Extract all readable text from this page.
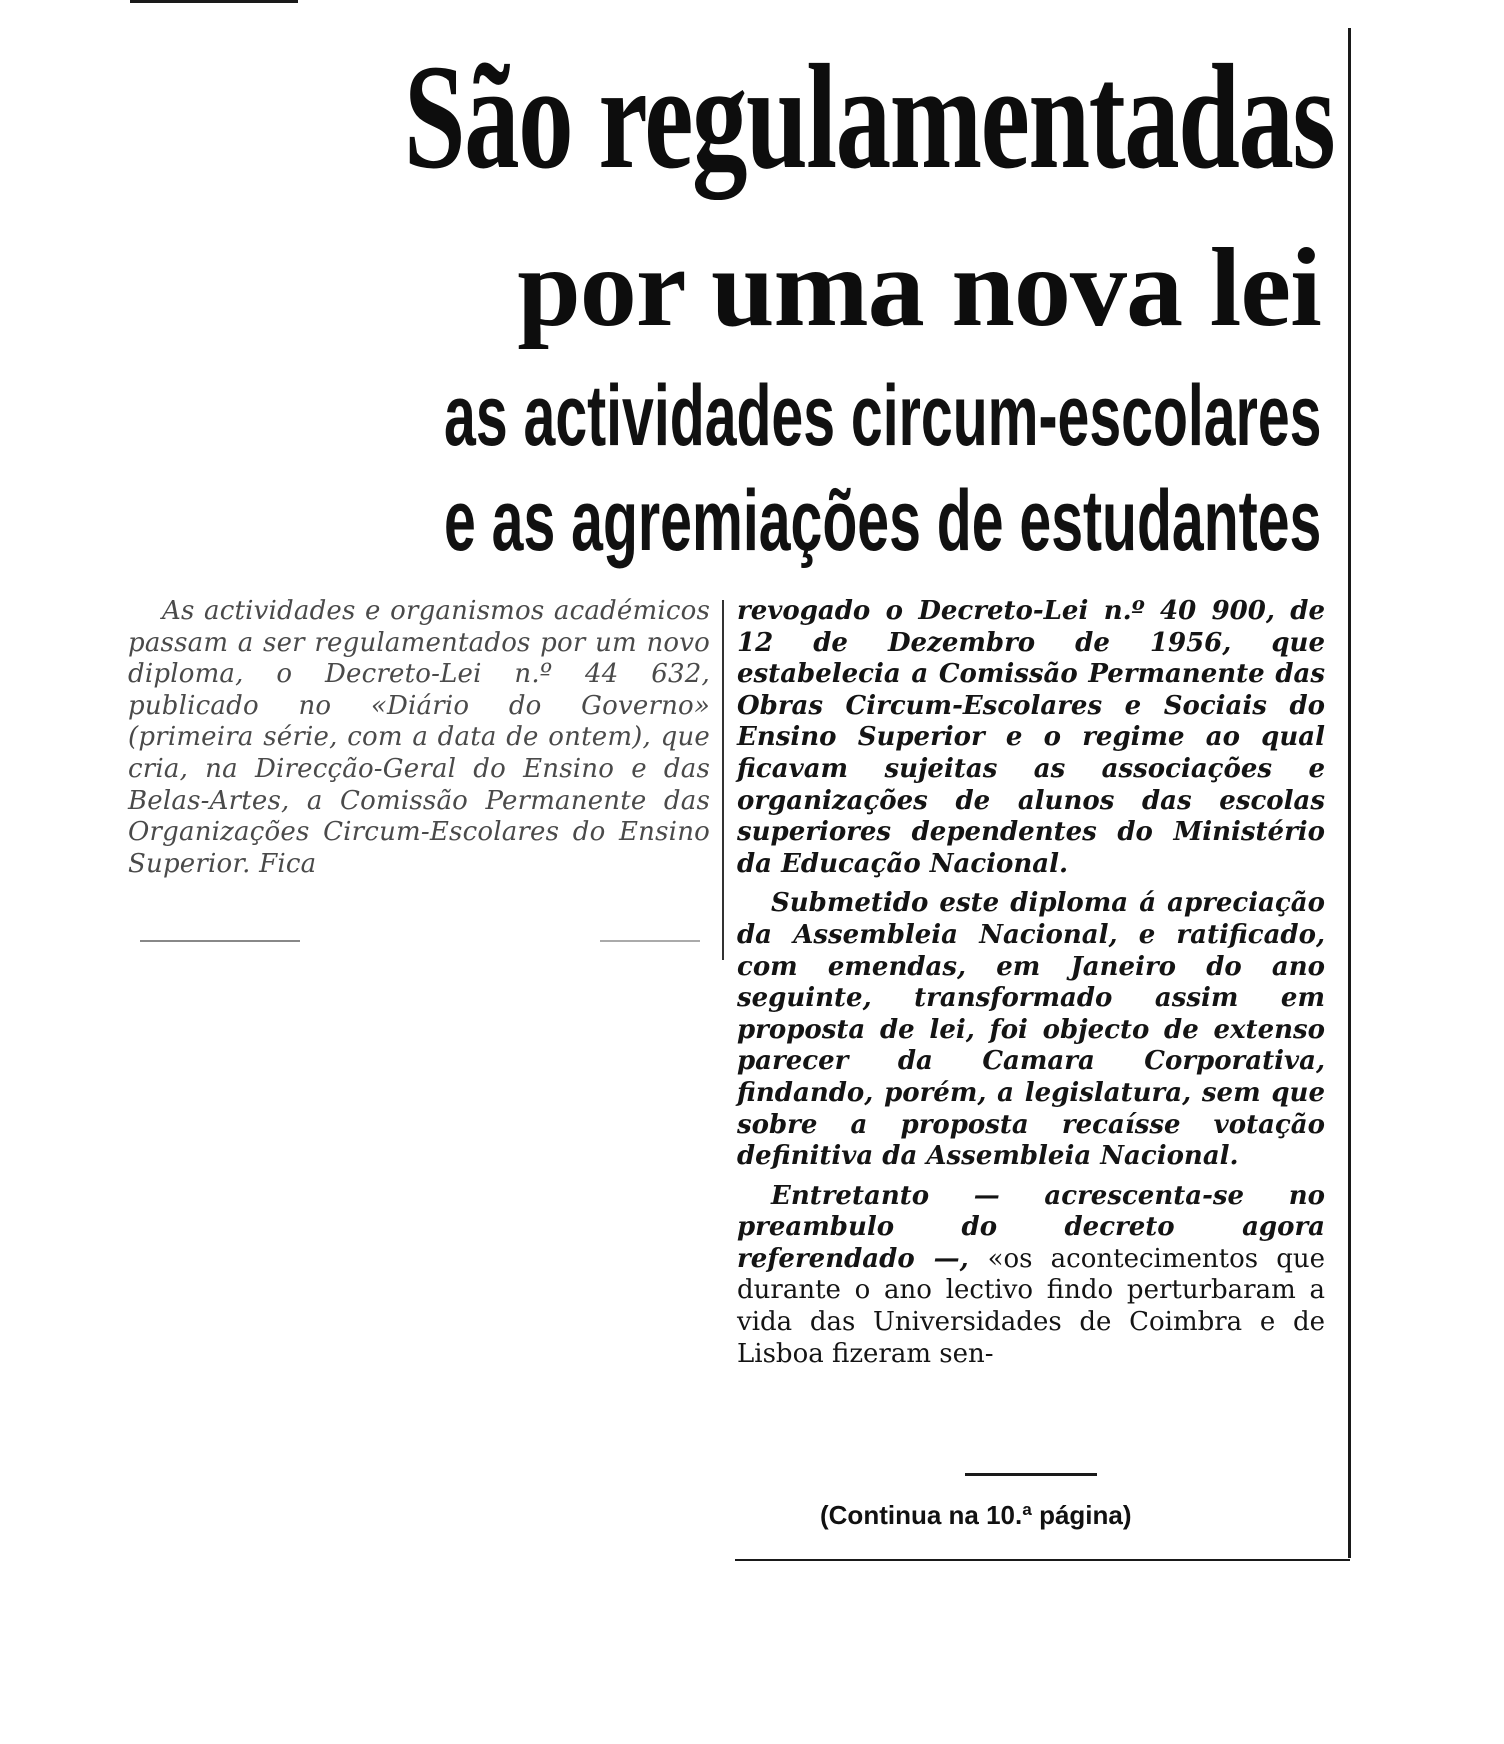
São regulamentadas
por uma nova lei
as actividades circum-escolares
e as agremiações de estudantes

As actividades e organismos académicos passam a ser regulamentados por um novo diploma, o Decreto-Lei n.º 44 632, publicado no «Diário do Governo» (primeira série, com a data de ontem), que cria, na Direcção-Geral do Ensino e das Belas-Artes, a Comissão Permanente das Organizações Circum-Escolares do Ensino Superior. Fica

revogado o Decreto-Lei n.º 40 900, de 12 de Dezembro de 1956, que estabelecia a Comissão Permanente das Obras Circum-Escolares e Sociais do Ensino Superior e o regime ao qual ficavam sujeitas as associações e organizações de alunos das escolas superiores dependentes do Ministério da Educação Nacional.

Submetido este diploma á apreciação da Assembleia Nacional, e ratificado, com emendas, em Janeiro do ano seguinte, transformado assim em proposta de lei, foi objecto de extenso parecer da Camara Corporativa, findando, porém, a legislatura, sem que sobre a proposta recaísse votação definitiva da Assembleia Nacional.

Entretanto — acrescenta-se no preambulo do decreto agora referendado —, «os acontecimentos que durante o ano lectivo findo perturbaram a vida das Universidades de Coimbra e de Lisboa fizeram sen-

(Continua na 10.ª página)
